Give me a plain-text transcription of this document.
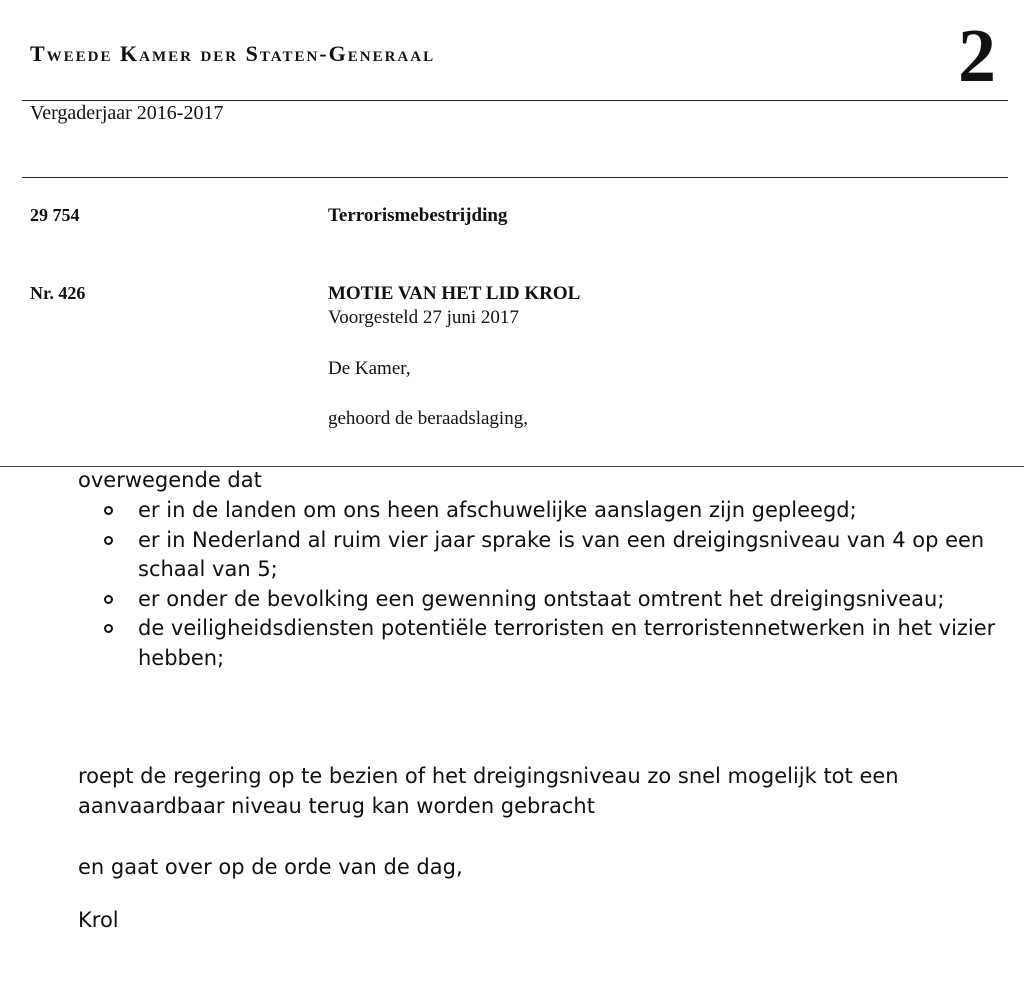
Tweede Kamer der Staten-Generaal	2
Vergaderjaar 2016-2017
29 754	Terrorismebestrijding
Nr. 426	MOTIE VAN HET LID KROL
Voorgesteld 27 juni 2017
De Kamer,
gehoord de beraadslaging,
overwegende dat
er in de landen om ons heen afschuwelijke aanslagen zijn gepleegd;
er in Nederland al ruim vier jaar sprake is van een dreigingsniveau van 4 op een schaal van 5;
er onder de bevolking een gewenning ontstaat omtrent het dreigingsniveau;
de veiligheidsdiensten potentiële terroristen en terroristennetwerken in het vizier hebben;
roept de regering op te bezien of het dreigingsniveau zo snel mogelijk tot een aanvaardbaar niveau terug kan worden gebracht
en gaat over op de orde van de dag,
Krol
